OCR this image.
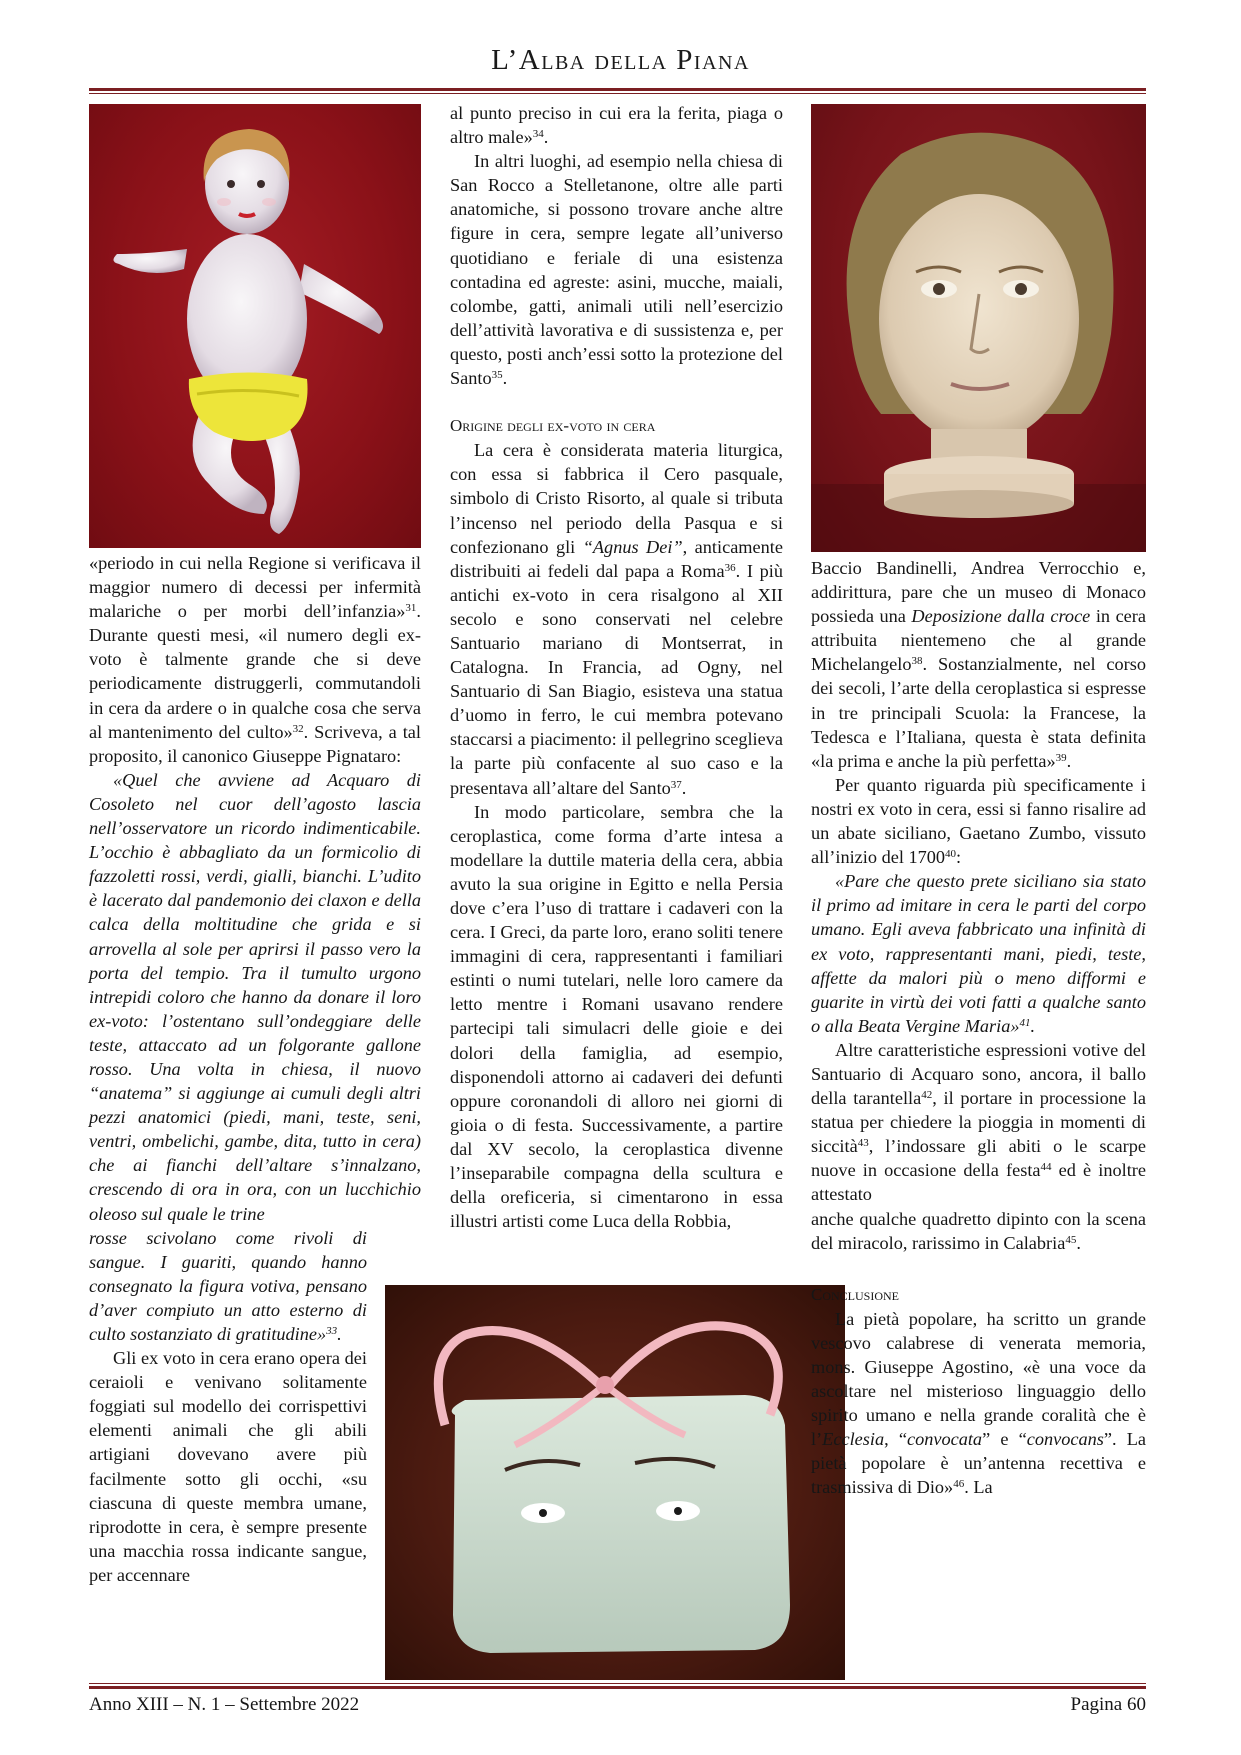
L’Alba della Piana

«periodo in cui nella Regione si verificava il maggior numero di decessi per infermità malariche o per morbi dell’infanzia»$^{31}$. Durante questi mesi, «il numero degli ex-voto è talmente grande che si deve periodicamente distruggerli, commutandoli in cera da ardere o in qualche cosa che serva al mantenimento del culto»$^{32}$. Scriveva, a tal proposito, il canonico Giuseppe Pignataro:

«Quel che avviene ad Acquaro di Cosoleto nel cuor dell’agosto lascia nell’osservatore un ricordo indimenticabile. L’occhio è abbagliato da un formicolio di fazzoletti rossi, verdi, gialli, bianchi. L’udito è lacerato dal pandemonio dei claxon e della calca della moltitudine che grida e si arrovella al sole per aprirsi il passo vero la porta del tempio. Tra il tumulto urgono intrepidi coloro che hanno da donare il loro ex-voto: l’ostentano sull’ondeggiare delle teste, attaccato ad un folgorante gallone rosso. Una volta in chiesa, il nuovo “anatema” si aggiunge ai cumuli degli altri pezzi anatomici (piedi, mani, teste, seni, ventri, ombelichi, gambe, dita, tutto in cera) che ai fianchi dell’altare s’innalzano, crescendo di ora in ora, con un lucchichio oleoso sul quale le trine

rosse scivolano come rivoli di sangue. I guariti, quando hanno consegnato la figura votiva, pensano d’aver compiuto un atto esterno di culto sostanziato di gratitudine»$^{33}$.

Gli ex voto in cera erano opera dei ceraioli e venivano solitamente foggiati sul modello dei corrispettivi elementi animali che gli abili artigiani dovevano avere più facilmente sotto gli occhi, «su ciascuna di queste membra umane, riprodotte in cera, è sempre presente una macchia rossa indicante sangue, per accennare

al punto preciso in cui era la ferita, piaga o altro male»$^{34}$.

In altri luoghi, ad esempio nella chiesa di San Rocco a Stelletanone, oltre alle parti anatomiche, si possono trovare anche altre figure in cera, sempre legate all’universo quotidiano e feriale di una esistenza contadina ed agreste: asini, mucche, maiali, colombe, gatti, animali utili nell’esercizio dell’attività lavorativa e di sussistenza e, per questo, posti anch’essi sotto la protezione del Santo$^{35}$.

Origine degli ex-voto in cera

La cera è considerata materia liturgica, con essa si fabbrica il Cero pasquale, simbolo di Cristo Risorto, al quale si tributa l’incenso nel periodo della Pasqua e si confezionano gli “Agnus Dei”, anticamente distribuiti ai fedeli dal papa a Roma$^{36}$. I più antichi ex-voto in cera risalgono al XII secolo e sono conservati nel celebre Santuario mariano di Montserrat, in Catalogna. In Francia, ad Ogny, nel Santuario di San Biagio, esisteva una statua d’uomo in ferro, le cui membra potevano staccarsi a piacimento: il pellegrino sceglieva la parte più confacente al suo caso e la presentava all’altare del Santo$^{37}$.

In modo particolare, sembra che la ceroplastica, come forma d’arte intesa a modellare la duttile materia della cera, abbia avuto la sua origine in Egitto e nella Persia dove c’era l’uso di trattare i cadaveri con la cera. I Greci, da parte loro, erano soliti tenere immagini di cera, rappresentanti i familiari estinti o numi tutelari, nelle loro camere da letto mentre i Romani usavano rendere partecipi tali simulacri delle gioie e dei dolori della famiglia, ad esempio, disponendoli attorno ai cadaveri dei defunti oppure coronandoli di alloro nei giorni di gioia o di festa. Successivamente, a partire dal XV secolo, la ceroplastica divenne l’inseparabile compagna della scultura e della oreficeria, si cimentarono in essa illustri artisti come Luca della Robbia,

Baccio Bandinelli, Andrea Verrocchio e, addirittura, pare che un museo di Monaco possieda una Deposizione dalla croce in cera attribuita nientemeno che al grande Michelangelo$^{38}$. Sostanzialmente, nel corso dei secoli, l’arte della ceroplastica si espresse in tre principali Scuola: la Francese, la Tedesca e l’Italiana, questa è stata definita «la prima e anche la più perfetta»$^{39}$.

Per quanto riguarda più specificamente i nostri ex voto in cera, essi si fanno risalire ad un abate siciliano, Gaetano Zumbo, vissuto all’inizio del 1700$^{40}$:

«Pare che questo prete siciliano sia stato il primo ad imitare in cera le parti del corpo umano. Egli aveva fabbricato una infinità di ex voto, rappresentanti mani, piedi, teste, affette da malori più o meno difformi e guarite in virtù dei voti fatti a qualche santo o alla Beata Vergine Maria»$^{41}$.

Altre caratteristiche espressioni votive del Santuario di Acquaro sono, ancora, il ballo della tarantella$^{42}$, il portare in processione la statua per chiedere la pioggia in momenti di siccità$^{43}$, l’indossare gli abiti o le scarpe nuove in occasione della festa$^{44}$ ed è inoltre attestato

anche qualche quadretto dipinto con la scena del miracolo, rarissimo in Calabria$^{45}$.

Conclusione

La pietà popolare, ha scritto un grande vescovo calabrese di venerata memoria, mons. Giuseppe Agostino, «è una voce da ascoltare nel misterioso linguaggio dello spirito umano e nella grande coralità che è l’Ecclesia, “convocata” e “convocans”. La pietà popolare è un’antenna recettiva e trasmissiva di Dio»$^{46}$. La

Anno XIII – N. 1 – Settembre 2022	Pagina 60
